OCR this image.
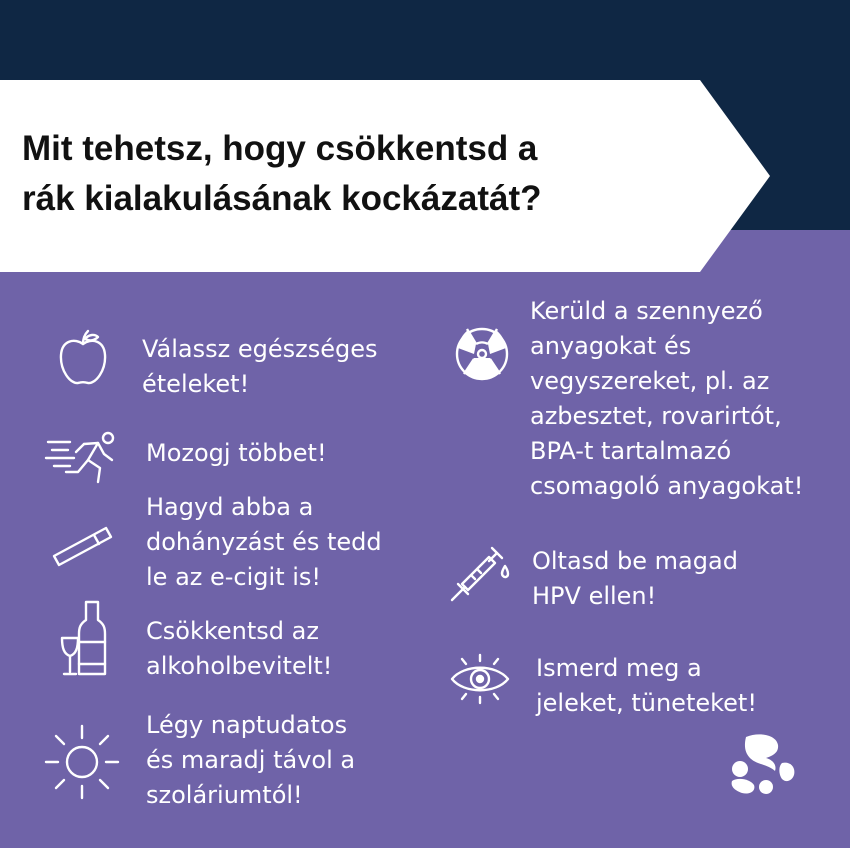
Mit tehetsz, hogy csökkentsd a
rák kialakulásának kockázatát?

Válassz egészséges
ételeket!

Mozogj többet!

Hagyd abba a
dohányzást és tedd
le az e-cigit is!

Csökkentsd az
alkoholbevitelt!

Légy naptudatos
és maradj távol a
szoláriumtól!

Kerüld a szennyező
anyagokat és
vegyszereket, pl. az
azbesztet, rovarirtót,
BPA-t tartalmazó
csomagoló anyagokat!

Oltasd be magad
HPV ellen!

Ismerd meg a
jeleket, tüneteket!
